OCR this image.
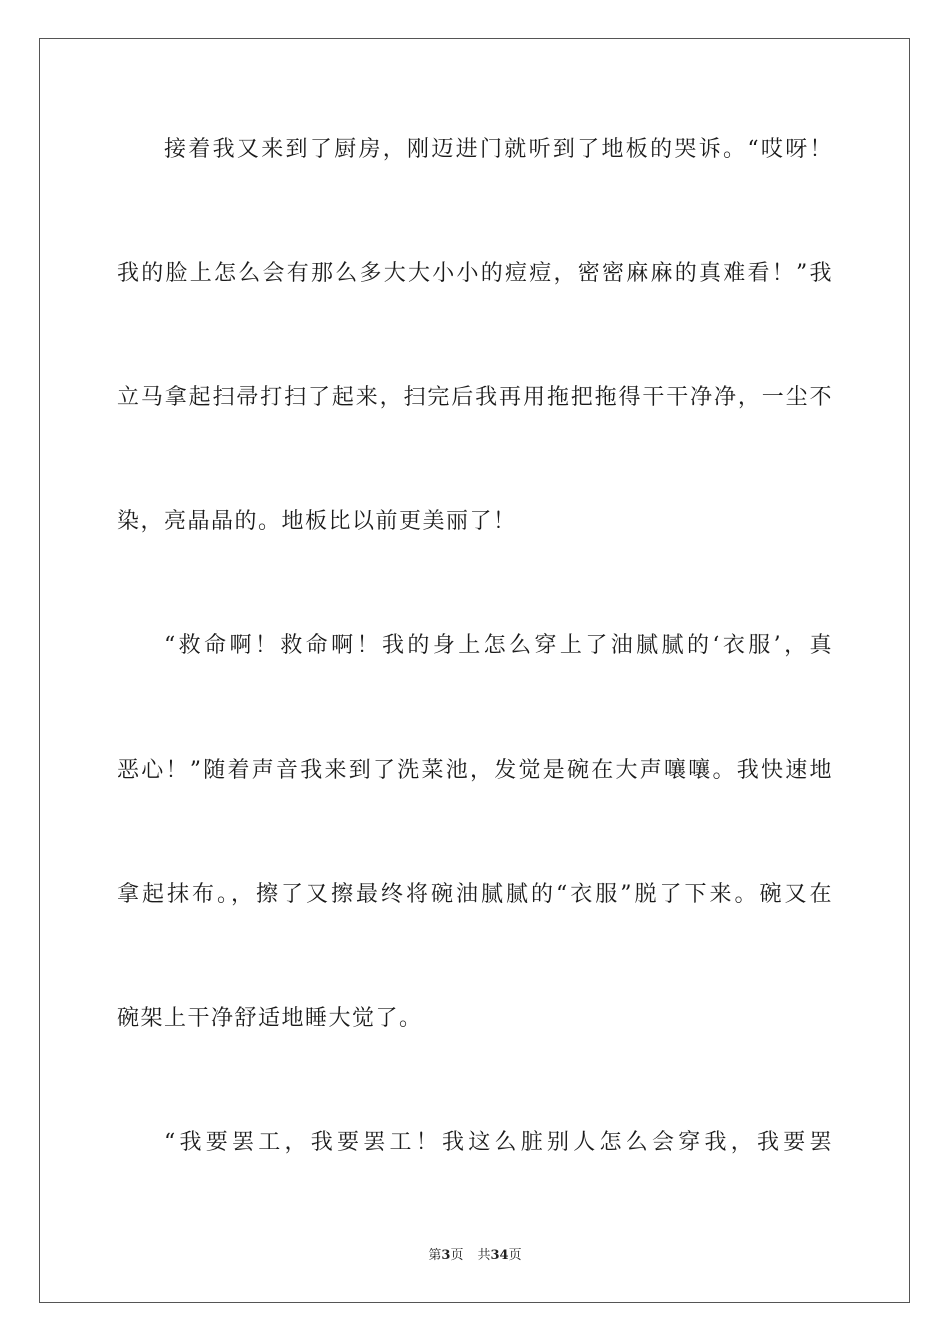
接着我又来到了厨房，刚迈进门就听到了地板的哭诉。“哎呀！
我的脸上怎么会有那么多大大小小的痘痘，密密麻麻的真难看！”我
立马拿起扫帚打扫了起来，扫完后我再用拖把拖得干干净净，一尘不
染，亮晶晶的。地板比以前更美丽了！
“救命啊！救命啊！我的身上怎么穿上了油腻腻的‘衣服’，真
恶心！”随着声音我来到了洗菜池，发觉是碗在大声嚷嚷。我快速地
拿起抹布。，擦了又擦最终将碗油腻腻的“衣服”脱了下来。碗又在
碗架上干净舒适地睡大觉了。
“我要罢工，我要罢工！我这么脏别人怎么会穿我，我要罢
第3页 共34页
